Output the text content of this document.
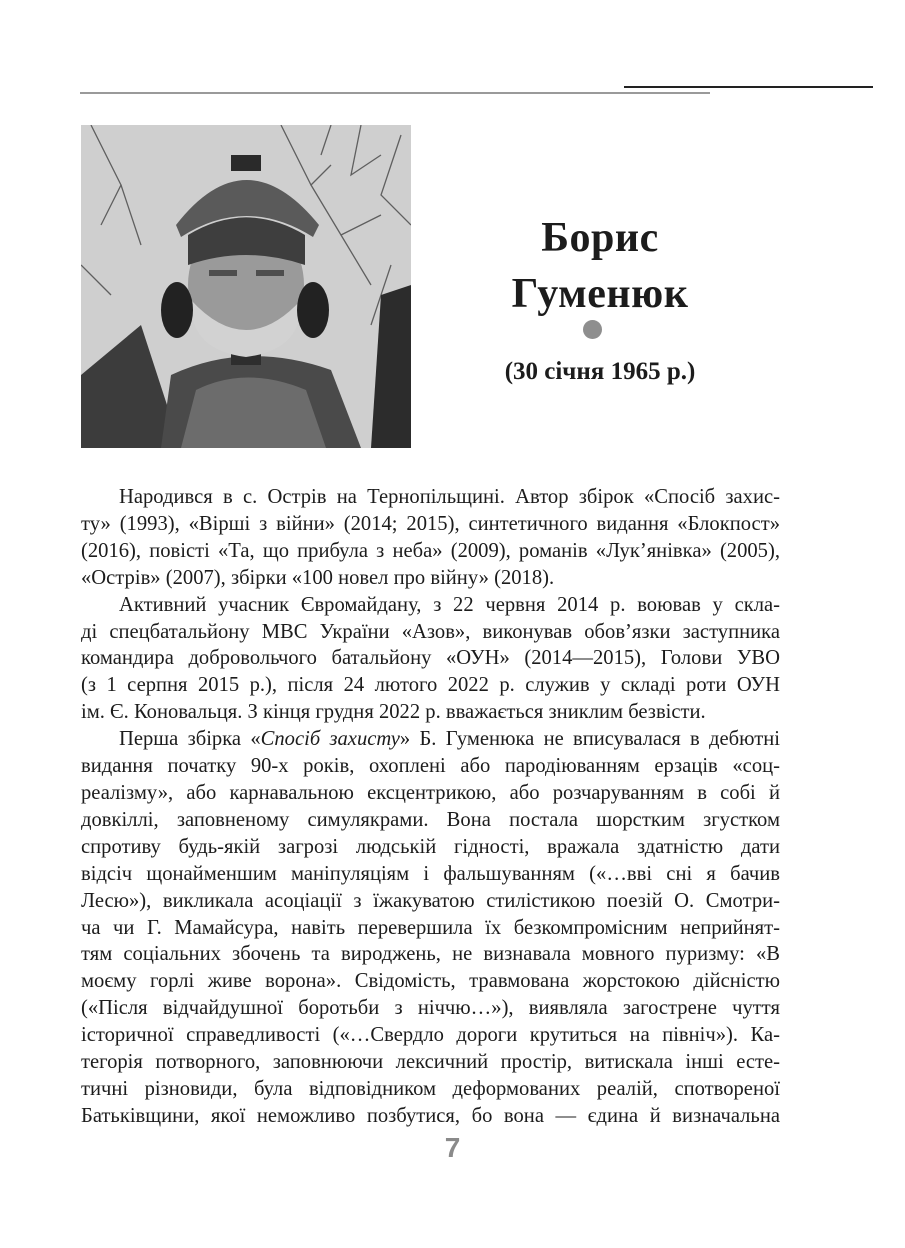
Борис
Гуменюк
(30 січня 1965 р.)

Народився в с. Острів на Тернопільщині. Автор збірок «Спосіб захис-
ту» (1993), «Вірші з війни» (2014; 2015), синтетичного видання «Блокпост»
(2016), повісті «Та, що прибула з неба» (2009), романів «Лук’янівка» (2005),
«Острів» (2007), збірки «100 новел про війну» (2018).

Активний учасник Євромайдану, з 22 червня 2014 р. воював у скла-
ді спецбатальйону МВС України «Азов», виконував обов’язки заступника
командира добровольчого батальйону «ОУН» (2014—2015), Голови УВО
(з 1 серпня 2015 р.), після 24 лютого 2022 р. служив у складі роти ОУН
ім. Є. Коновальця. З кінця грудня 2022 р. вважається зниклим безвісти.

Перша збірка «Спосіб захисту» Б. Гуменюка не вписувалася в дебютні
видання початку 90-х років, охоплені або пародіюванням ерзаців «соц-
реалізму», або карнавальною ексцентрикою, або розчаруванням в собі й
довкіллі, заповненому симулякрами. Вона постала шорстким згустком
спротиву будь-якій загрозі людській гідності, вражала здатністю дати
відсіч щонайменшим маніпуляціям і фальшуванням («…вві сні я бачив
Лесю»), викликала асоціації з їжакуватою стилістикою поезій О. Смотри-
ча чи Г. Мамайсура, навіть перевершила їх безкомпромісним неприйнят-
тям соціальних збочень та вироджень, не визнавала мовного пуризму: «В
моєму горлі живе ворона». Свідомість, травмована жорстокою дійсністю
(«Після відчайдушної боротьби з ніччю…»), виявляла загострене чуття
історичної справедливості («…Свердло дороги крутиться на північ»). Ка-
тегорія потворного, заповнюючи лексичний простір, витискала інші есте-
тичні різновиди, була відповідником деформованих реалій, спотвореної
Батьківщини, якої неможливо позбутися, бо вона — єдина й визначальна

7
